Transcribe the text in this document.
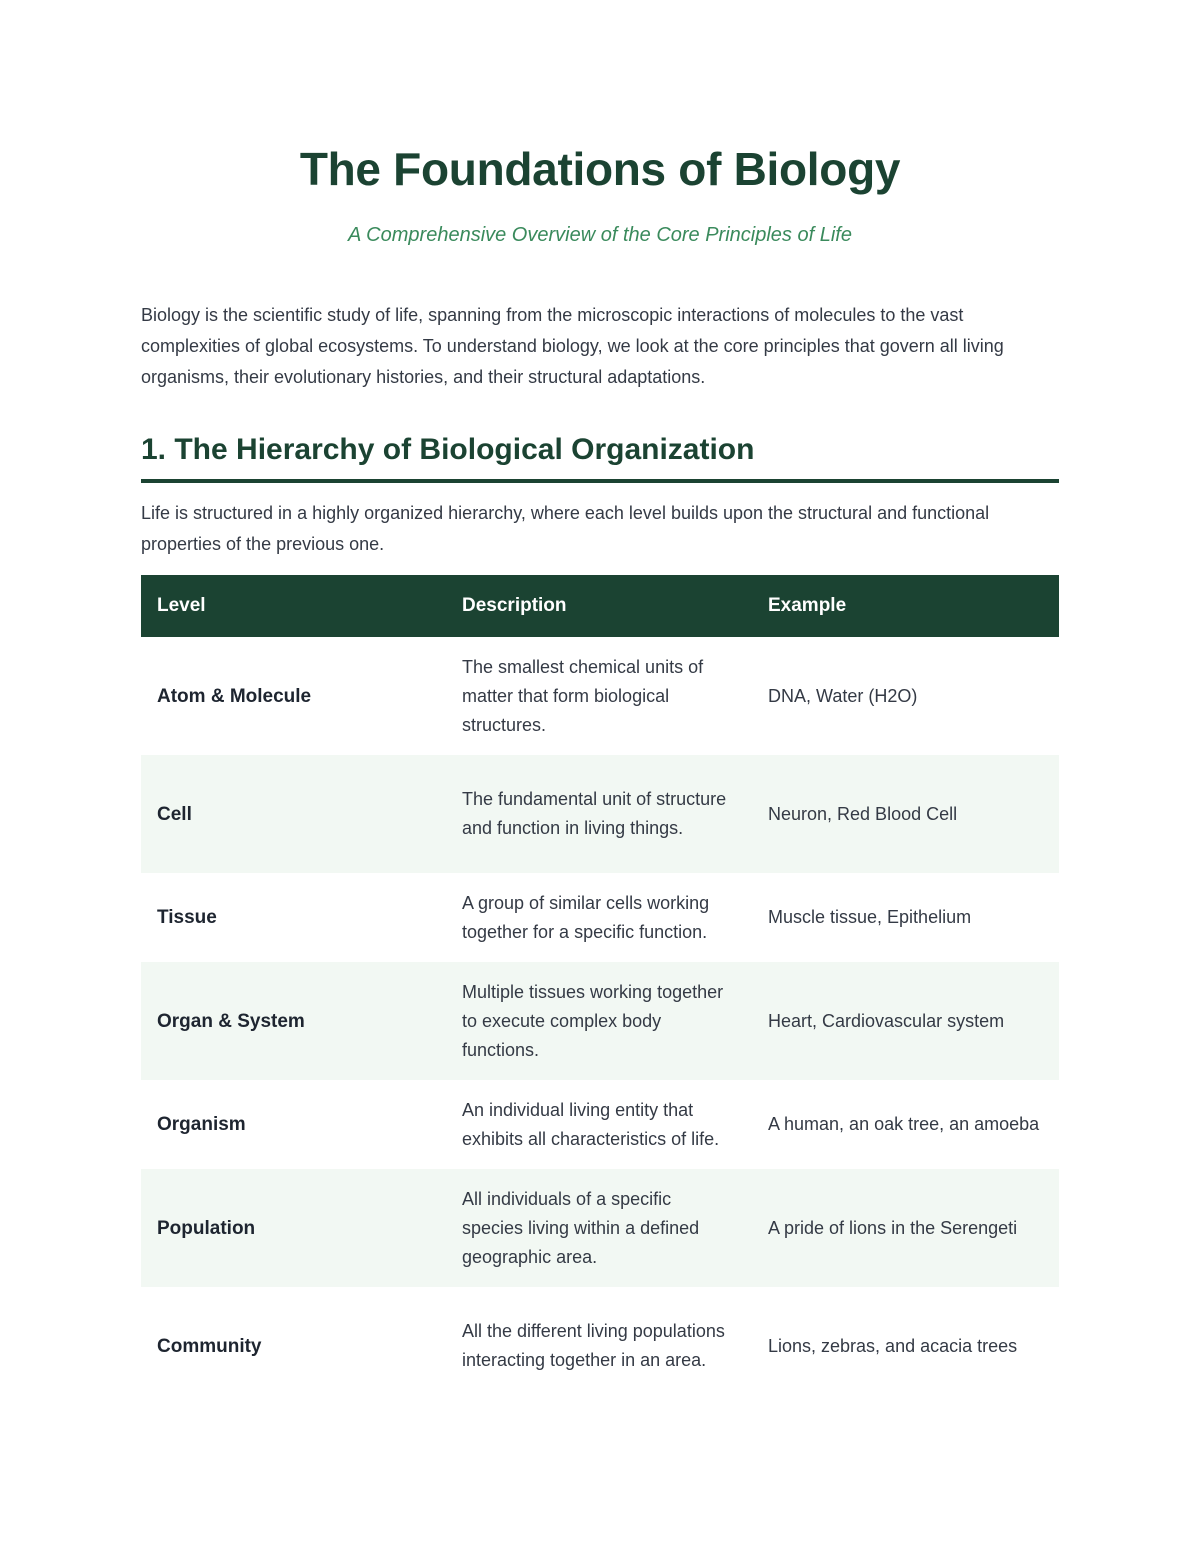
The Foundations of Biology

A Comprehensive Overview of the Core Principles of Life

Biology is the scientific study of life, spanning from the microscopic interactions of molecules to the vast complexities of global ecosystems. To understand biology, we look at the core principles that govern all living organisms, their evolutionary histories, and their structural adaptations.

1. The Hierarchy of Biological Organization

Life is structured in a highly organized hierarchy, where each level builds upon the structural and functional properties of the previous one.

Level	Description	Example
Atom & Molecule	The smallest chemical units of matter that form biological structures.	DNA, Water (H2O)
Cell	The fundamental unit of structure and function in living things.	Neuron, Red Blood Cell
Tissue	A group of similar cells working together for a specific function.	Muscle tissue, Epithelium
Organ & System	Multiple tissues working together to execute complex body functions.	Heart, Cardiovascular system
Organism	An individual living entity that exhibits all characteristics of life.	A human, an oak tree, an amoeba
Population	All individuals of a specific species living within a defined geographic area.	A pride of lions in the Serengeti
Community	All the different living populations interacting together in an area.	Lions, zebras, and acacia trees
